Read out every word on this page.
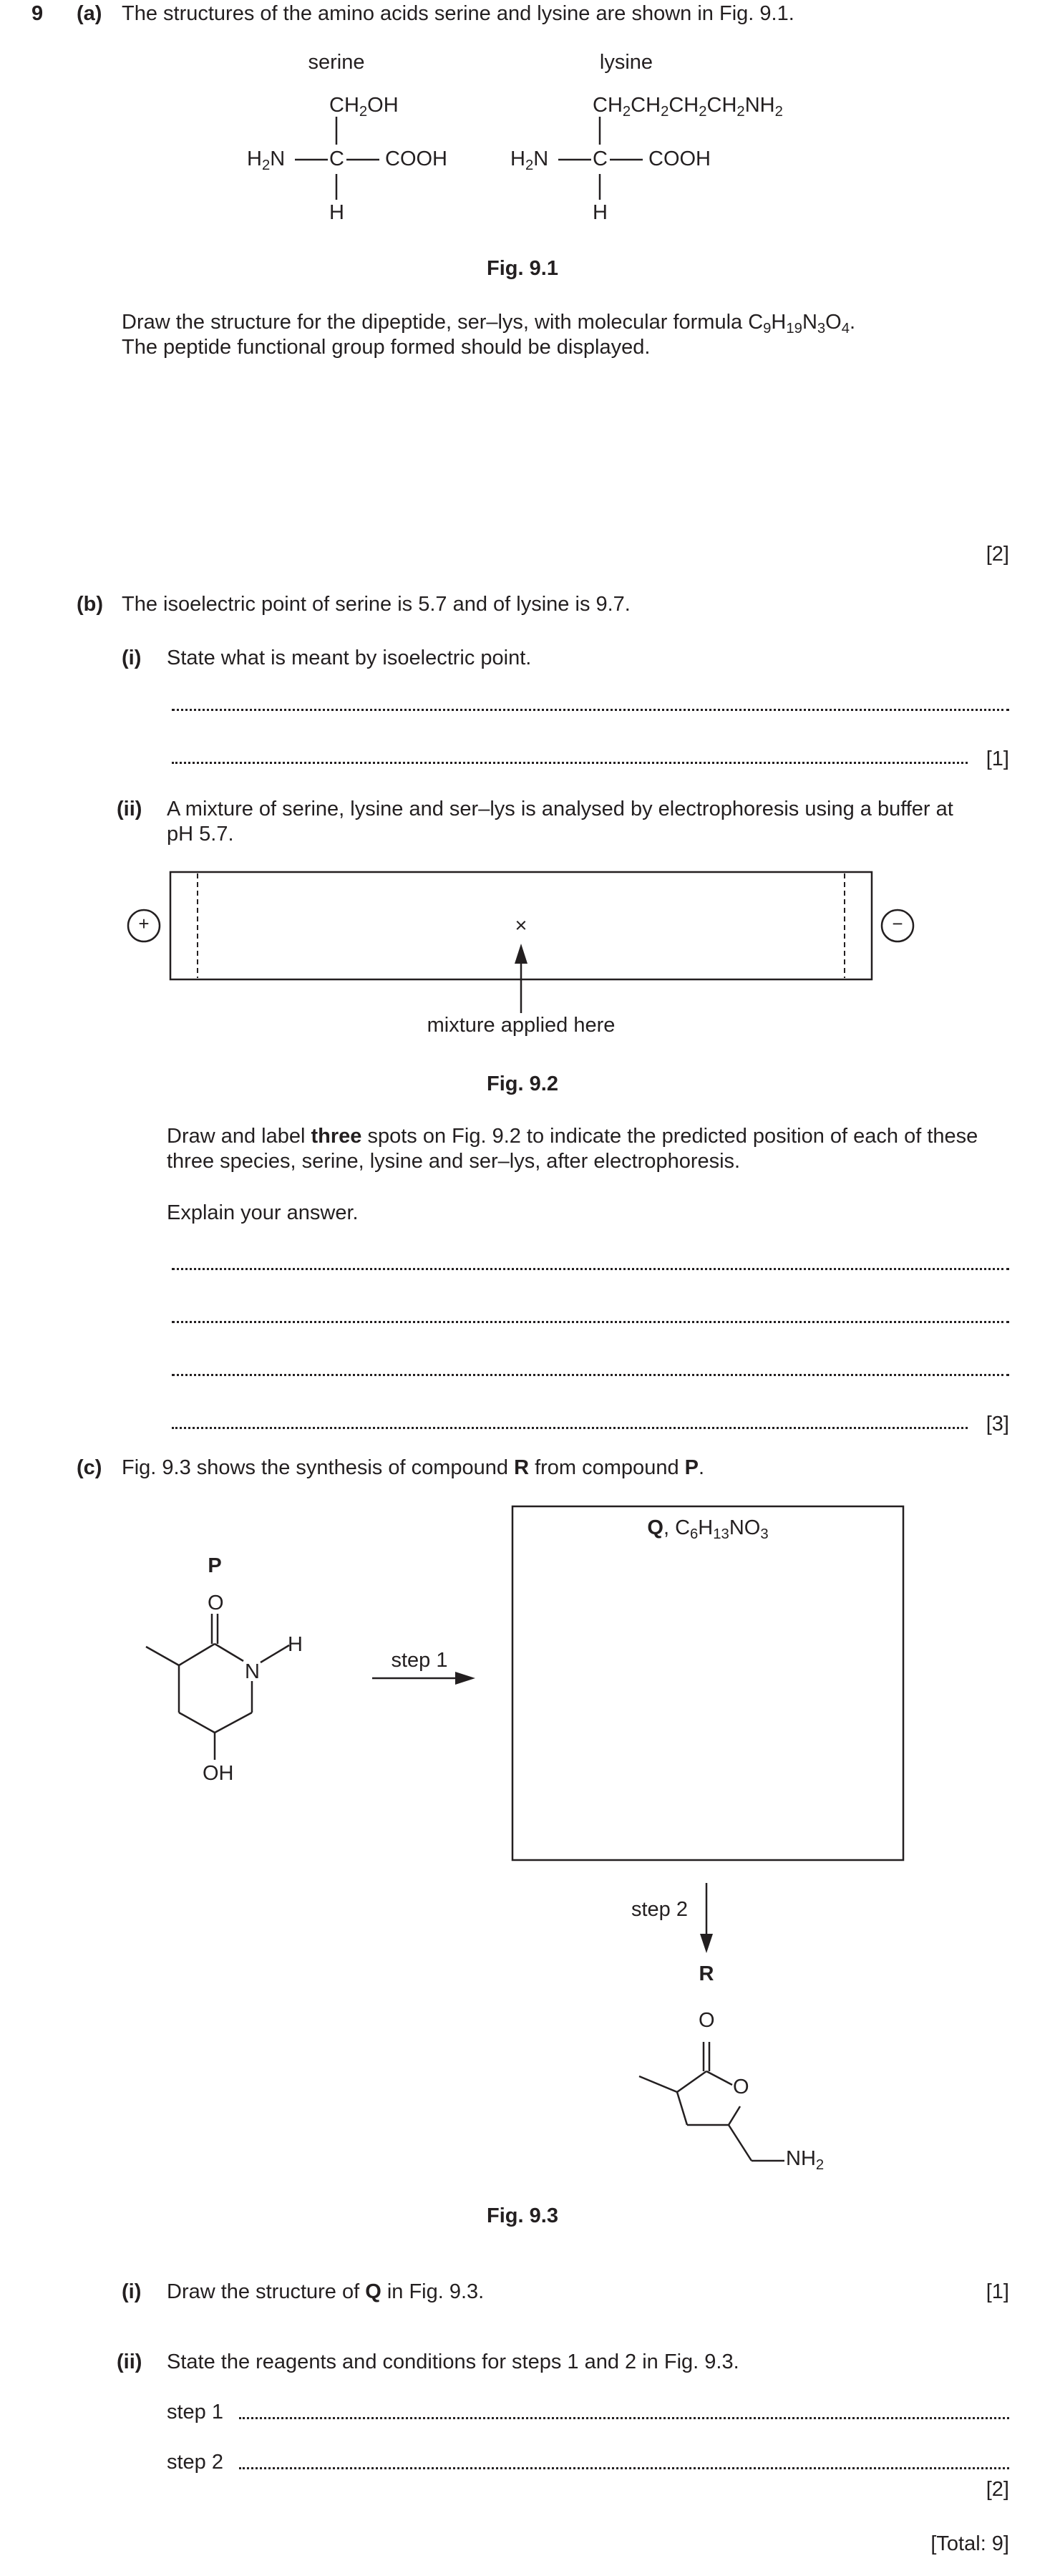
9 (a) The structures of the amino acids serine and lysine are shown in Fig. 9.1.
serine	lysine
$CH_2OH$
$H_2N$ C COOH
H
$CH_2CH_2CH_2CH_2NH_2$
$H_2N$ C COOH
H
Fig. 9.1
Draw the structure for the dipeptide, ser–lys, with molecular formula $C_9H_{19}N_3O_4$.
The peptide functional group formed should be displayed.
[2]
(b) The isoelectric point of serine is 5.7 and of lysine is 9.7.
(i) State what is meant by isoelectric point.
[1]
(ii) A mixture of serine, lysine and ser–lys is analysed by electrophoresis using a buffer at
pH 5.7.
+	−
×
mixture applied here
Fig. 9.2
Draw and label three spots on Fig. 9.2 to indicate the predicted position of each of these
three species, serine, lysine and ser–lys, after electrophoresis.
Explain your answer.
[3]
(c) Fig. 9.3 shows the synthesis of compound R from compound P.
P
O
N
H
OH
step 1
Q, $C_6H_{13}NO_3$
step 2
R
O
O
$NH_2$
Fig. 9.3
(i) Draw the structure of Q in Fig. 9.3.	[1]
(ii) State the reagents and conditions for steps 1 and 2 in Fig. 9.3.
step 1
step 2
[2]
[Total: 9]
